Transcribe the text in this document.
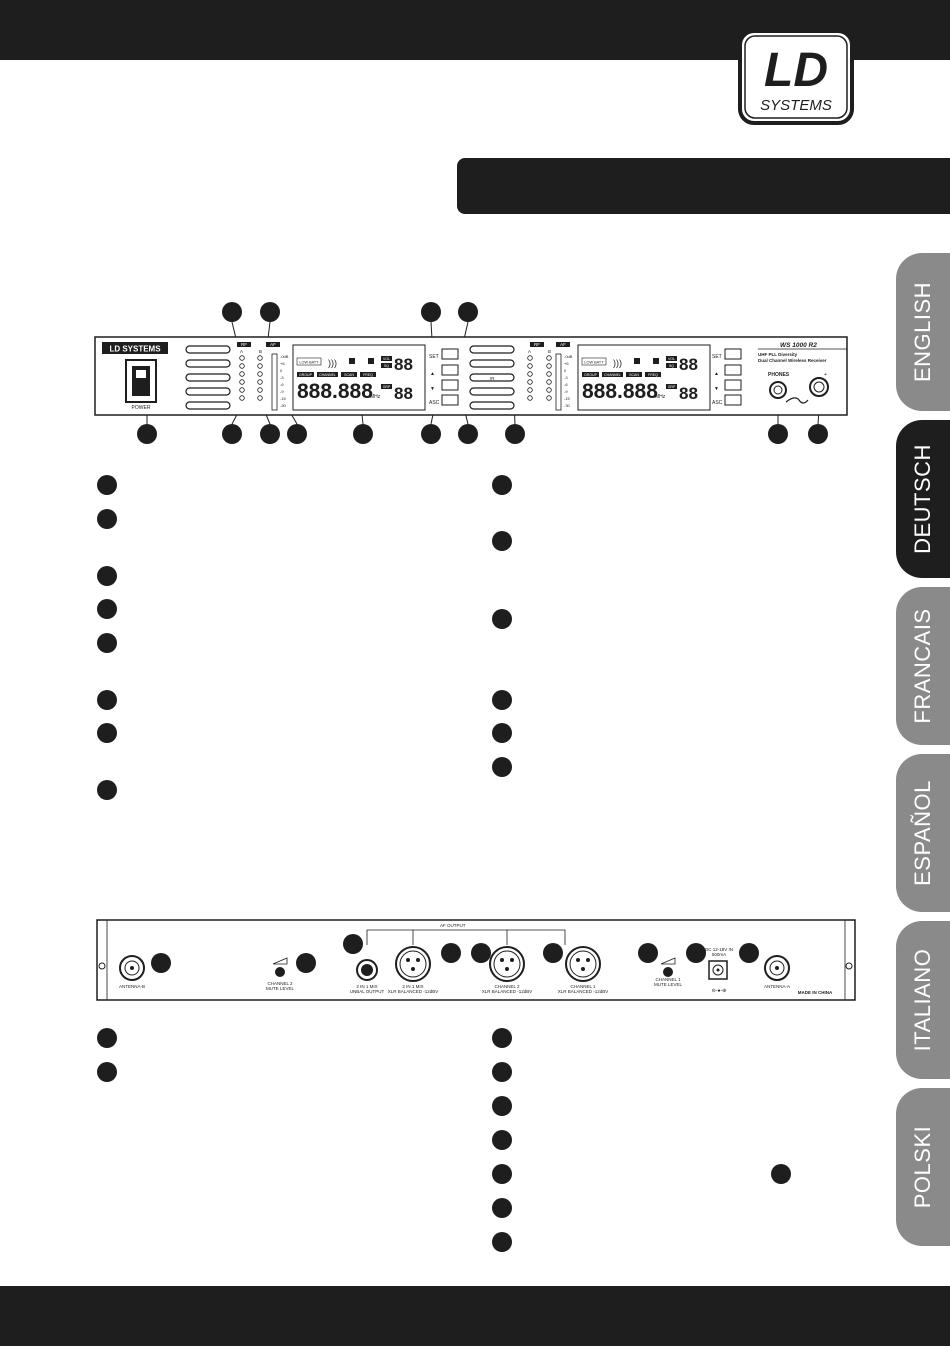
LD
SYSTEMS
ENGLISH
DEUTSCH
FRANCAIS
ESPAÑOL
ITALIANO
POLSKI
LD SYSTEMS
POWER
RF	AF
A	B
-0dB
+6
0
-3
-6
-9
-15
-30
LOW BATT )))	VOL
SQ 88
GROUP CHANNEL SCAN	FREQ
888.888
MHz
GRP 88
SET
▲
▼
ASC
IR
RF	AF
A	B
-0dB
+6
0
-3
-6
-9
-15
-30
LOW BATT )))	VOL
SQ 88
GROUP CHANNEL SCAN	FREQ
888.888
MHz
GRP 88
SET
▲
▼
ASC
WS 1000 R2
UHF PLL Diversity
Dual Channel Wireless Receiver
PHONES	+
AF OUTPUT
ANTENNA-B
CHANNEL 2
MUTE LEVEL	2 IN 1 MIX
UNBAL OUTPUT
2 IN 1 MIX
XLR BALANCED -12dBV
CHANNEL 2
XLR BALANCED -12dBV
CHANNEL 1
XLR BALANCED -12dBV
CHANNEL 1
MUTE LEVEL
DC 12-18V IN
500mA
⊖-●-⊕
ANTENNA-A
MADE IN CHINA
